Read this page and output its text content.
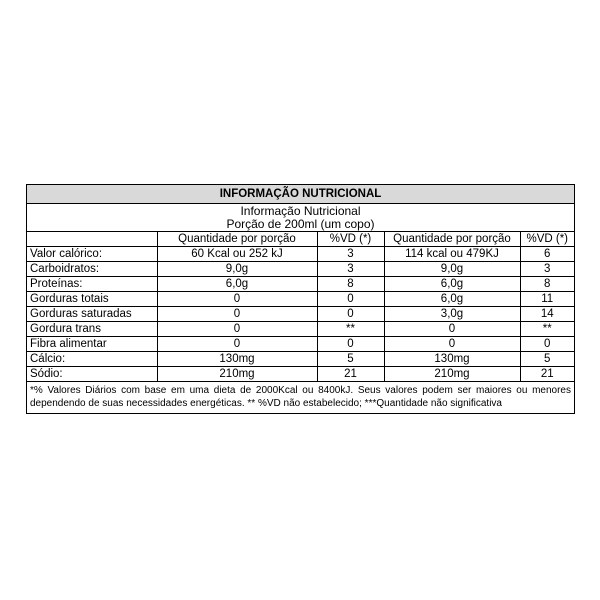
INFORMAÇÃO NUTRICIONAL
Informação Nutricional
Porção de 200ml (um copo)
	Quantidade por porção	%VD (*)	Quantidade por porção	%VD (*)
Valor calórico:	60 Kcal ou 252 kJ	3	114 kcal ou 479KJ	6
Carboidratos:	9,0g	3	9,0g	3
Proteínas:	6,0g	8	6,0g	8
Gorduras totais	0	0	6,0g	11
Gorduras saturadas	0	0	3,0g	14
Gordura trans	0	**	0	**
Fibra alimentar	0	0	0	0
Cálcio:	130mg	5	130mg	5
Sódio:	210mg	21	210mg	21
*% Valores Diários com base em uma dieta de 2000Kcal ou 8400kJ. Seus valores podem ser maiores ou menores dependendo de suas necessidades energéticas. ** %VD não estabelecido; ***Quantidade não significativa
